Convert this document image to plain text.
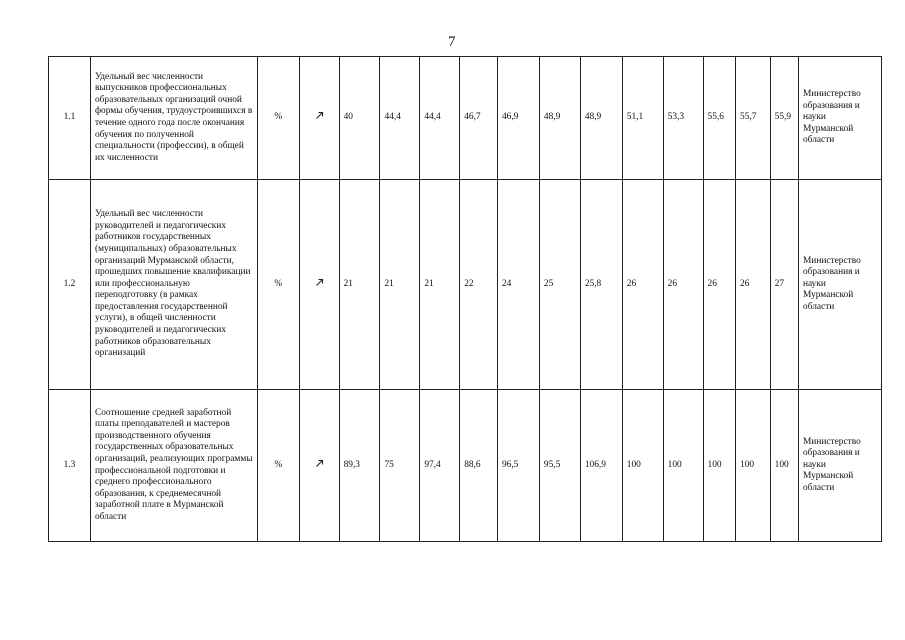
7
1.1	Удельный вес численности выпускников профессиональных образовательных организаций очной формы обучения, трудоустроившихся в течение одного года после окончания обучения по полученной специальности (профессии), в общей их численности	%		40	44,4	44,4	46,7	46,9	48,9	48,9	51,1	53,3	55,6	55,7	55,9	Министерство образования и науки Мурманской области
1.2	Удельный вес численности руководителей и педагогических работников государственных (муниципальных) образовательных организаций Мурманской области, прошедших повышение квалификации или профессиональную переподготовку (в рамках предоставления государственной услуги), в общей численности руководителей и педагогических работников образовательных организаций	%		21	21	21	22	24	25	25,8	26	26	26	26	27	Министерство образования и науки Мурманской области
1.3	Соотношение средней заработной платы преподавателей и мастеров производственного обучения государственных образовательных организаций, реализующих программы профессиональной подготовки и среднего профессионального образования, к среднемесячной заработной плате в Мурманской области	%		89,3	75	97,4	88,6	96,5	95,5	106,9	100	100	100	100	100	Министерство образования и науки Мурманской области
